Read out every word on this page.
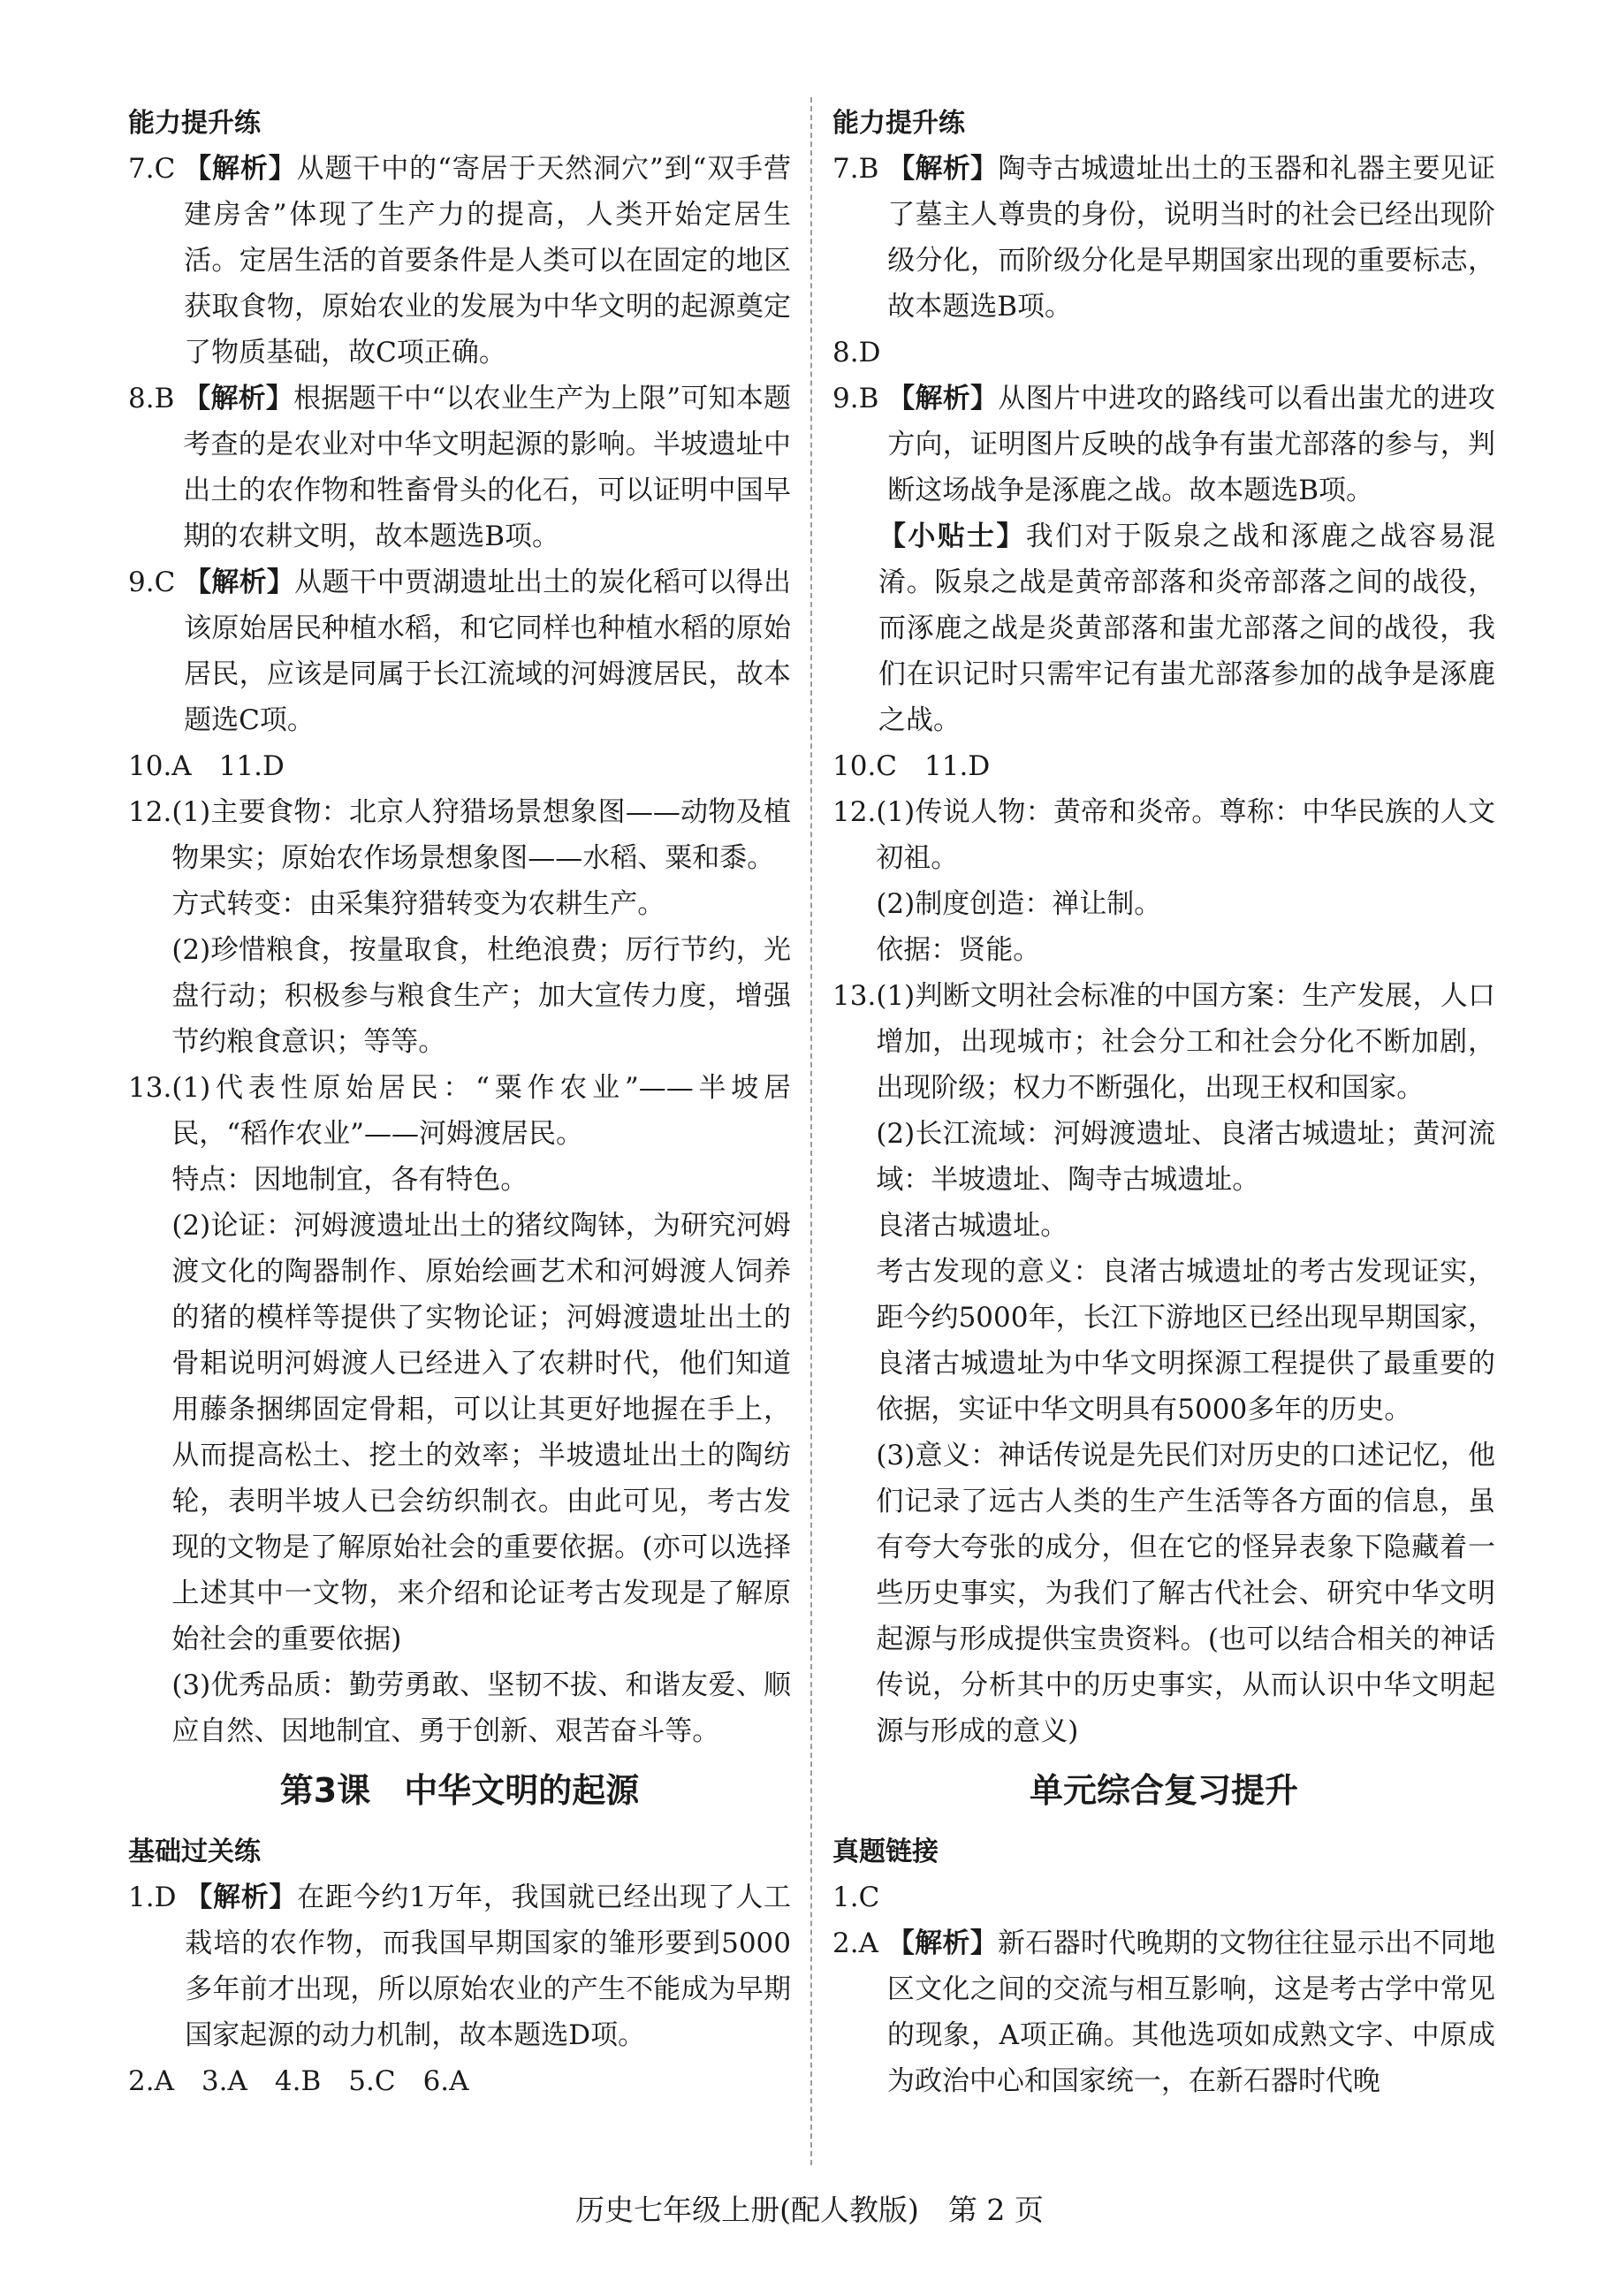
能力提升练
7.C
【解析】从题干中的“寄居于天然洞穴”到“双手营建房舍”体现了生产力的提高，人类开始定居生活。定居生活的首要条件是人类可以在固定的地区获取食物，原始农业的发展为中华文明的起源奠定了物质基础，故C项正确。
8.B
【解析】根据题干中“以农业生产为上限”可知本题考查的是农业对中华文明起源的影响。半坡遗址中出土的农作物和牲畜骨头的化石，可以证明中国早期的农耕文明，故本题选B项。
9.C
【解析】从题干中贾湖遗址出土的炭化稻可以得出该原始居民种植水稻，和它同样也种植水稻的原始居民，应该是同属于长江流域的河姆渡居民，故本题选C项。
10.A　11.D
12. (1)主要食物：北京人狩猎场景想象图——动物及植物果实；原始农作场景想象图——水稻、粟和黍。

方式转变：由采集狩猎转变为农耕生产。

(2)珍惜粮食，按量取食，杜绝浪费；厉行节约，光盘行动；积极参与粮食生产；加大宣传力度，增强节约粮食意识；等等。

13. (1)代表性原始居民：“粟作农业”——半坡居民，“稻作农业”——河姆渡居民。

特点：因地制宜，各有特色。

(2)论证：河姆渡遗址出土的猪纹陶钵，为研究河姆渡文化的陶器制作、原始绘画艺术和河姆渡人饲养的猪的模样等提供了实物论证；河姆渡遗址出土的骨耜说明河姆渡人已经进入了农耕时代，他们知道用藤条捆绑固定骨耜，可以让其更好地握在手上，从而提高松土、挖土的效率；半坡遗址出土的陶纺轮，表明半坡人已会纺织制衣。由此可见，考古发现的文物是了解原始社会的重要依据。(亦可以选择上述其中一文物，来介绍和论证考古发现是了解原始社会的重要依据)

(3)优秀品质：勤劳勇敢、坚韧不拔、和谐友爱、顺应自然、因地制宜、勇于创新、艰苦奋斗等。

第3课　中华文明的起源
基础过关练
1.D
【解析】在距今约1万年，我国就已经出现了人工栽培的农作物，而我国早期国家的雏形要到5000多年前才出现，所以原始农业的产生不能成为早期国家起源的动力机制，故本题选D项。
2.A　3.A　4.B　5.C　6.A
能力提升练
7.B
【解析】陶寺古城遗址出土的玉器和礼器主要见证了墓主人尊贵的身份，说明当时的社会已经出现阶级分化，而阶级分化是早期国家出现的重要标志，故本题选B项。
8.D
9.B
【解析】从图片中进攻的路线可以看出蚩尤的进攻方向，证明图片反映的战争有蚩尤部落的参与，判断这场战争是涿鹿之战。故本题选B项。
【小贴士】我们对于阪泉之战和涿鹿之战容易混淆。阪泉之战是黄帝部落和炎帝部落之间的战役，而涿鹿之战是炎黄部落和蚩尤部落之间的战役，我们在识记时只需牢记有蚩尤部落参加的战争是涿鹿之战。
10.C　11.D
12. (1)传说人物：黄帝和炎帝。尊称：中华民族的人文初祖。

(2)制度创造：禅让制。

依据：贤能。

13. (1)判断文明社会标准的中国方案：生产发展，人口增加，出现城市；社会分工和社会分化不断加剧，出现阶级；权力不断强化，出现王权和国家。

(2)长江流域：河姆渡遗址、良渚古城遗址；黄河流域：半坡遗址、陶寺古城遗址。

良渚古城遗址。

考古发现的意义：良渚古城遗址的考古发现证实，距今约5000年，长江下游地区已经出现早期国家，良渚古城遗址为中华文明探源工程提供了最重要的依据，实证中华文明具有5000多年的历史。

(3)意义：神话传说是先民们对历史的口述记忆，他们记录了远古人类的生产生活等各方面的信息，虽有夸大夸张的成分，但在它的怪异表象下隐藏着一些历史事实，为我们了解古代社会、研究中华文明起源与形成提供宝贵资料。(也可以结合相关的神话传说，分析其中的历史事实，从而认识中华文明起源与形成的意义)

单元综合复习提升
真题链接
1.C
2.A
【解析】新石器时代晚期的文物往往显示出不同地区文化之间的交流与相互影响，这是考古学中常见的现象，A项正确。其他选项如成熟文字、中原成为政治中心和国家统一，在新石器时代晚
历史七年级上册(配人教版)　第 2 页
